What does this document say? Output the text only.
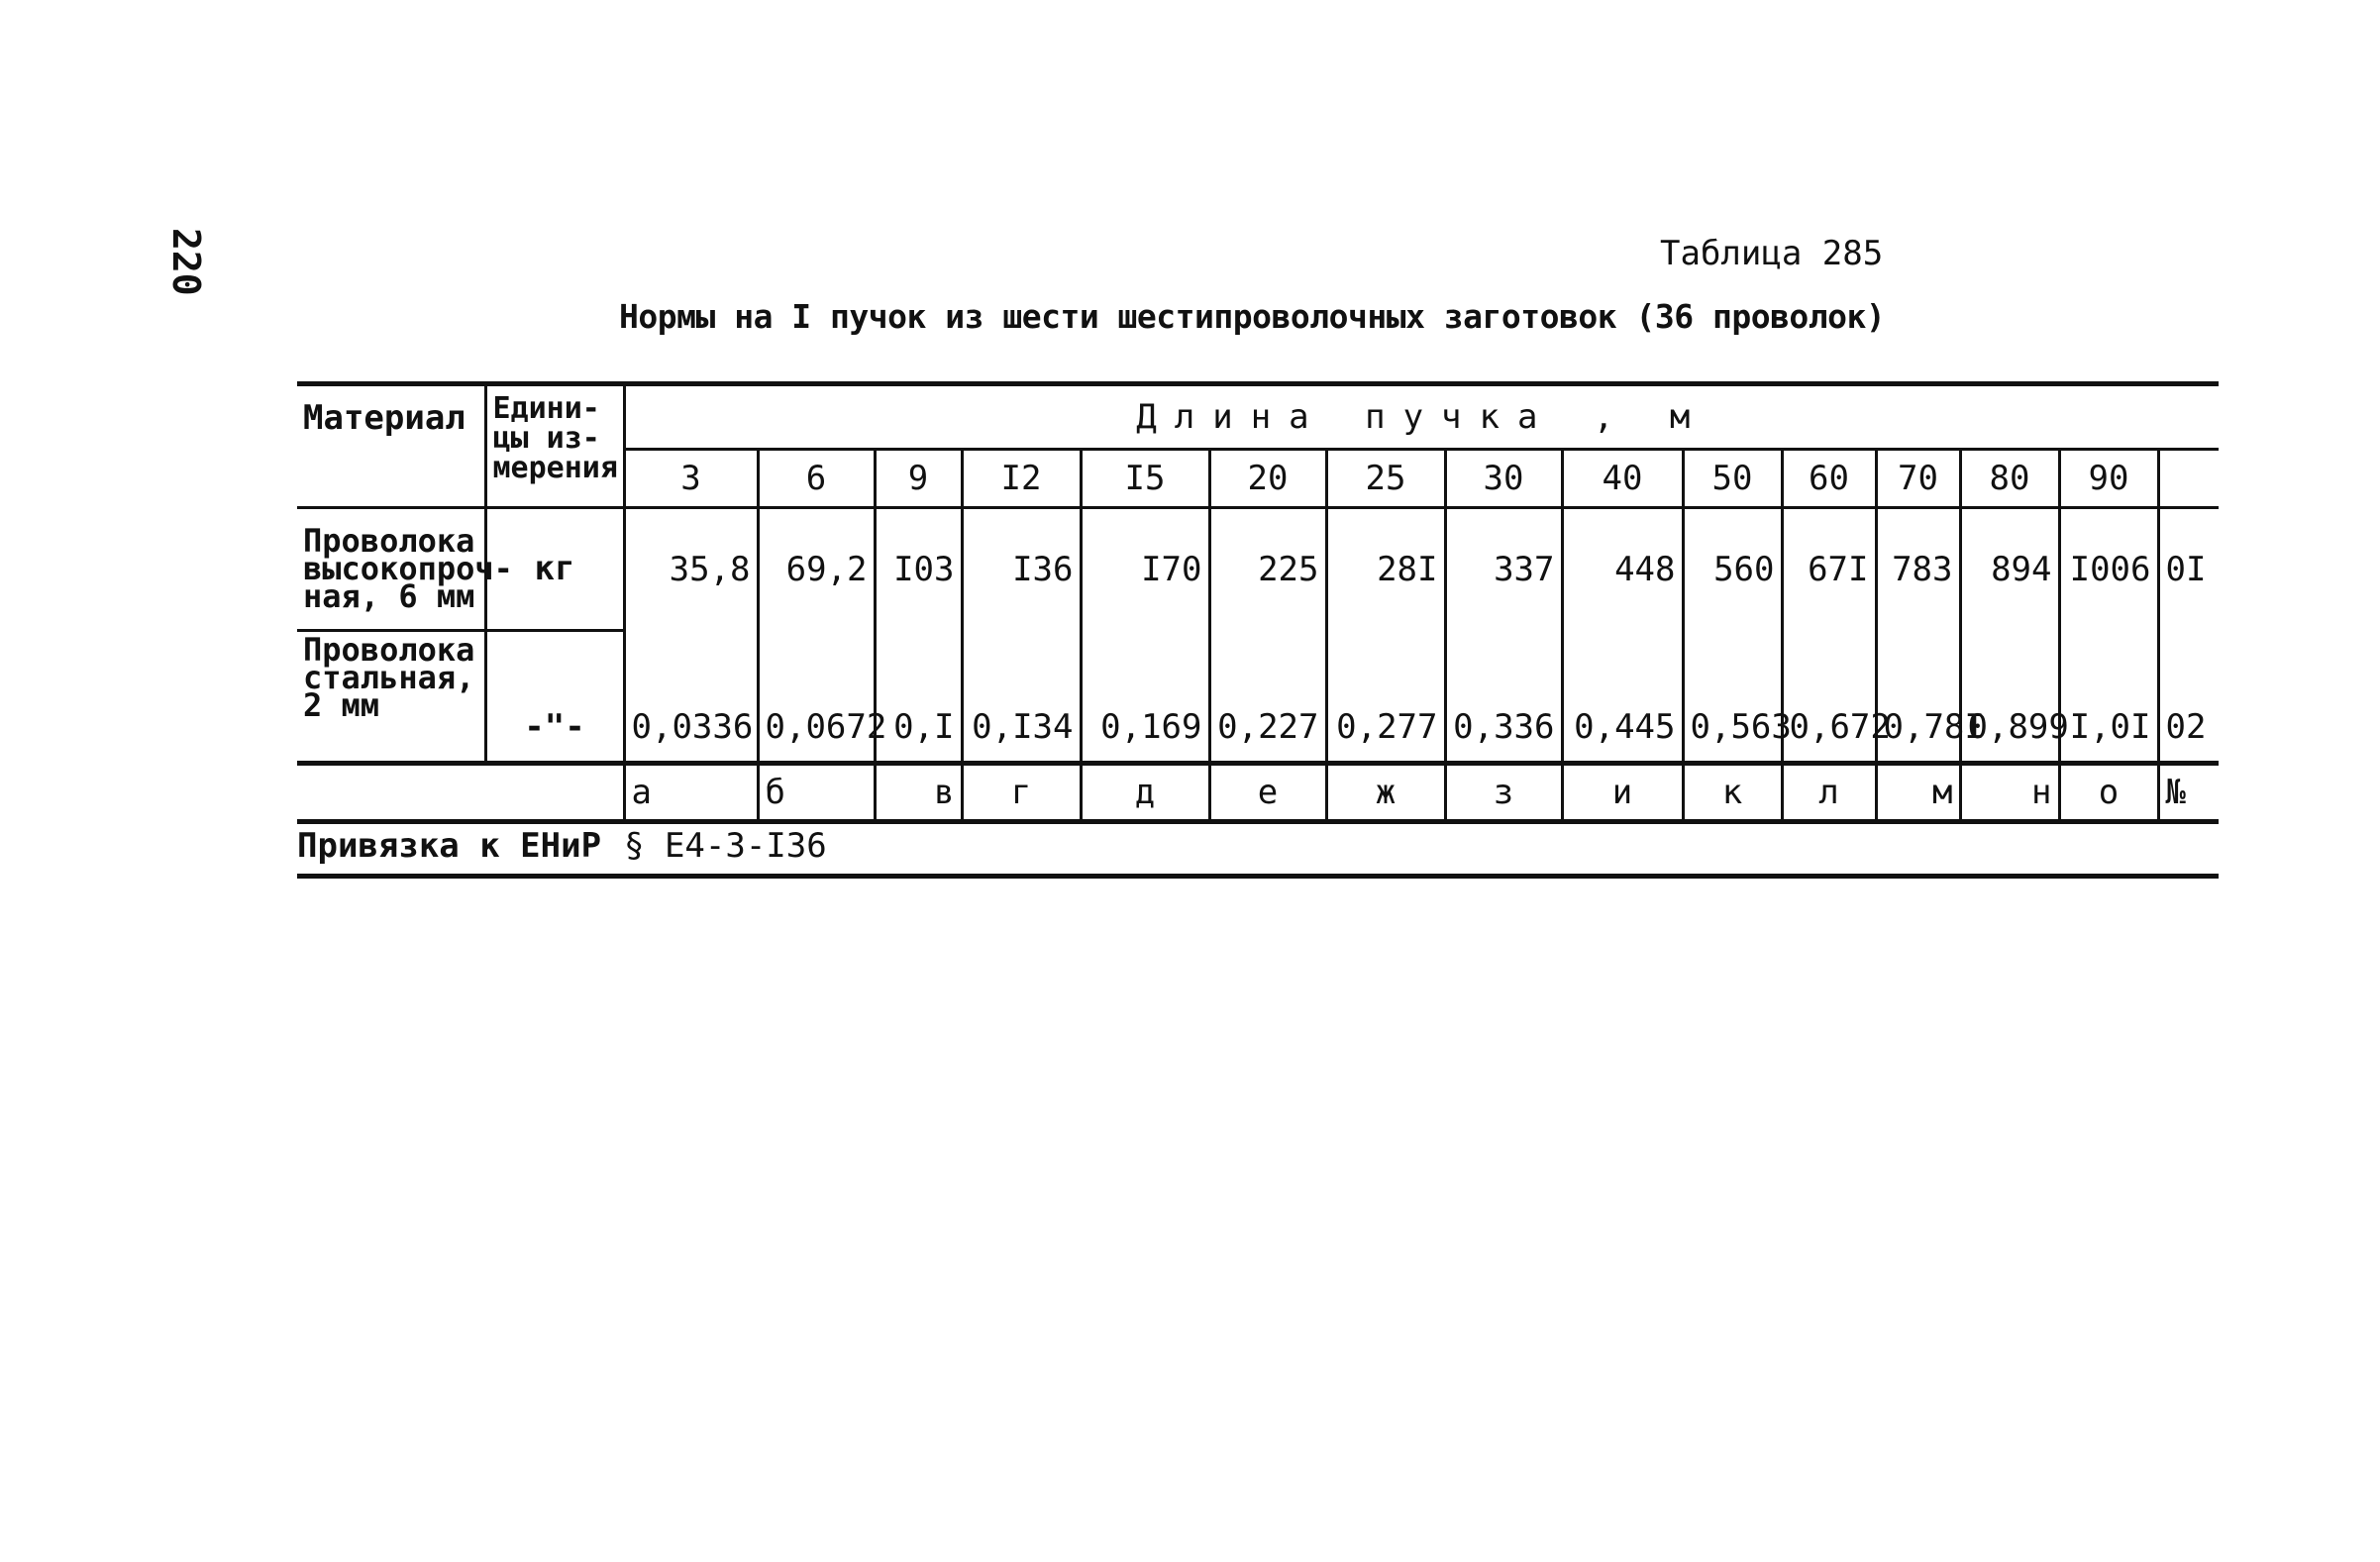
220	Таблица 285
Нормы на I пучок из шести шестипроволочных заготовок (36 проволок)
Материал	Едини-
цы из-
мерения	Длина пучка , м														
		3	6	9	I2	I5	20	25	30	40	50	60	70	80	90	
Проволока высокопроч-ная, 6 мм	кг	35,8	69,2	I03	I36	I70	225	28I	337	448	560	67I	783	894	I006	0I
Проволока стальная, 2 мм	-"-	0,0336	0,0672	0,I	0,I34	0,169	0,227	0,277	0,336	0,445	0,563	0,672	0,78I	0,899	I,0I	02
		а	б	в	г	д	е	ж	з	и	к	л	м	н	о	№
Привязка к ЕНиР § Е4-3-I36
